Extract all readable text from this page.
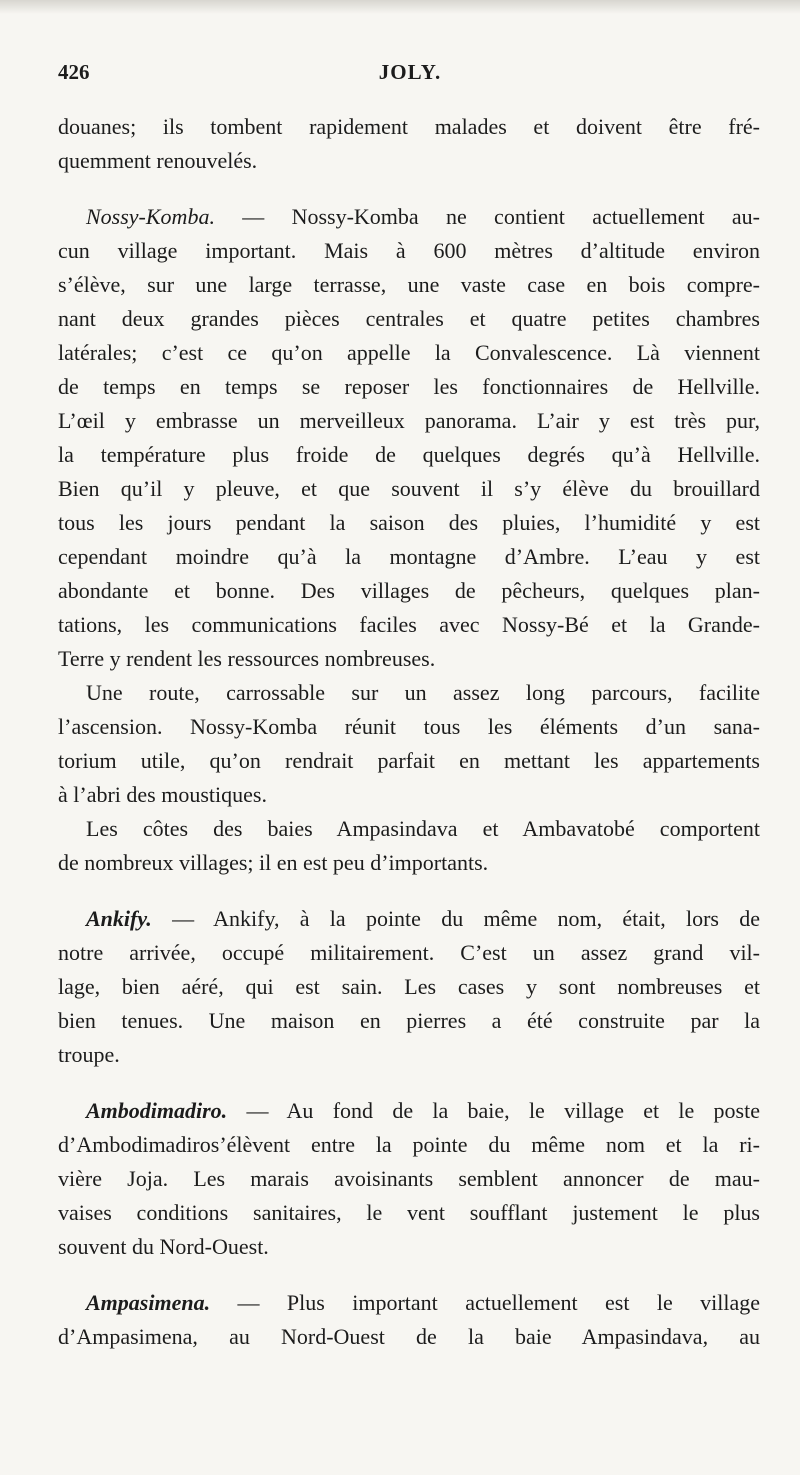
426	JOLY.
douanes; ils tombent rapidement malades et doivent être fré-
quemment renouvelés.
Nossy-Komba. — Nossy-Komba ne contient actuellement au-
cun village important. Mais à 600 mètres d’altitude environ
s’élève, sur une large terrasse, une vaste case en bois compre-
nant deux grandes pièces centrales et quatre petites chambres
latérales; c’est ce qu’on appelle la Convalescence. Là viennent
de temps en temps se reposer les fonctionnaires de Hellville.
L’œil y embrasse un merveilleux panorama. L’air y est très pur,
la température plus froide de quelques degrés qu’à Hellville.
Bien qu’il y pleuve, et que souvent il s’y élève du brouillard
tous les jours pendant la saison des pluies, l’humidité y est
cependant moindre qu’à la montagne d’Ambre. L’eau y est
abondante et bonne. Des villages de pêcheurs, quelques plan-
tations, les communications faciles avec Nossy-Bé et la Grande-
Terre y rendent les ressources nombreuses.
Une route, carrossable sur un assez long parcours, facilite
l’ascension. Nossy-Komba réunit tous les éléments d’un sana-
torium utile, qu’on rendrait parfait en mettant les appartements
à l’abri des moustiques.
Les côtes des baies Ampasindava et Ambavatobé comportent
de nombreux villages; il en est peu d’importants.
Ankify. — Ankify, à la pointe du même nom, était, lors de
notre arrivée, occupé militairement. C’est un assez grand vil-
lage, bien aéré, qui est sain. Les cases y sont nombreuses et
bien tenues. Une maison en pierres a été construite par la
troupe.
Ambodimadiro. — Au fond de la baie, le village et le poste
d’Ambodimadiros’élèvent entre la pointe du même nom et la ri-
vière Joja. Les marais avoisinants semblent annoncer de mau-
vaises conditions sanitaires, le vent soufflant justement le plus
souvent du Nord-Ouest.
Ampasimena. — Plus important actuellement est le village
d’Ampasimena, au Nord-Ouest de la baie Ampasindava, au
